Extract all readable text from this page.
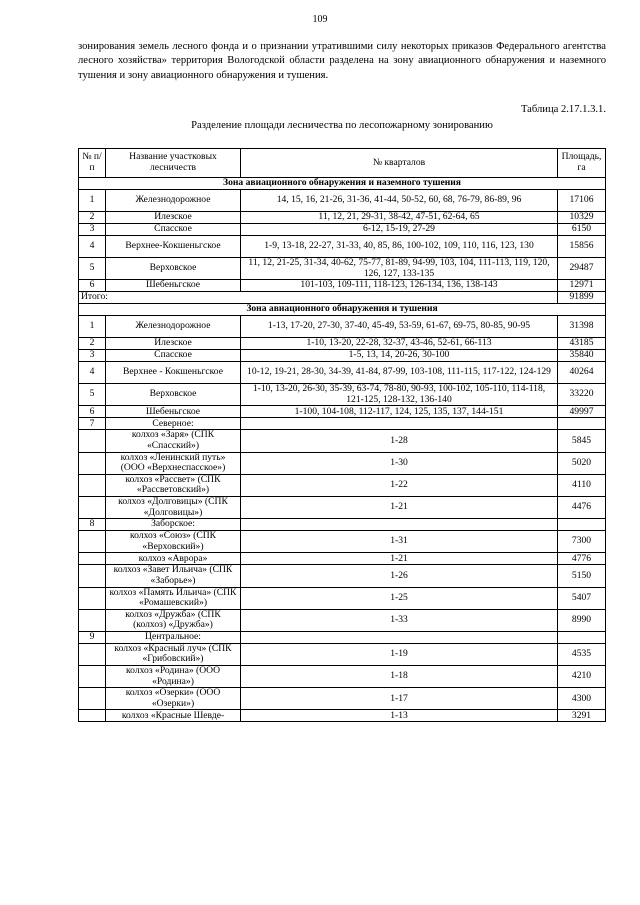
109

зонирования земель лесного фонда и о признании утратившими силу некоторых приказов Федерального агентства лесного хозяйства» территория Вологодской области разделена на зону авиационного обнаружения и наземного тушения и зону авиационного обнаружения и тушения.

Таблица 2.17.1.3.1.
Разделение площади лесничества по лесопожарному зонированию
№ п/п	Название участковых лесничеств	№ кварталов	Площадь, га
Зона авиационного обнаружения и наземного тушения			
1	Железнодорожное	14, 15, 16, 21-26, 31-36, 41-44, 50-52, 60, 68, 76-79, 86-89, 96	17106
2	Илезское	11, 12, 21, 29-31, 38-42, 47-51, 62-64, 65	10329
3	Спасское	6-12, 15-19, 27-29	6150
4	Верхнее-Кокшеньгское	1-9, 13-18, 22-27, 31-33, 40, 85, 86, 100-102, 109, 110, 116, 123, 130	15856
5	Верховское	11, 12, 21-25, 31-34, 40-62, 75-77, 81-89, 94-99, 103, 104, 111-113, 119, 120, 126, 127, 133-135	29487
6	Шебеньгское	101-103, 109-111, 118-123, 126-134, 136, 138-143	12971
Итого:			91899
Зона авиационного обнаружения и тушения			
1	Железнодорожное	1-13, 17-20, 27-30, 37-40, 45-49, 53-59, 61-67, 69-75, 80-85, 90-95	31398
2	Илезское	1-10, 13-20, 22-28, 32-37, 43-46, 52-61, 66-113	43185
3	Спасское	1-5, 13, 14, 20-26, 30-100	35840
4	Верхнее - Кокшеньгское	10-12, 19-21, 28-30, 34-39, 41-84, 87-99, 103-108, 111-115, 117-122, 124-129	40264
5	Верховское	1-10, 13-20, 26-30, 35-39, 63-74, 78-80, 90-93, 100-102, 105-110, 114-118, 121-125, 128-132, 136-140	33220
6	Шебеньгское	1-100, 104-108, 112-117, 124, 125, 135, 137, 144-151	49997
7	Северное:		
	колхоз «Заря» (СПК «Спасский»)	1-28	5845
	колхоз «Ленинский путь» (ООО «Верхнеспасское»)	1-30	5020
	колхоз «Рассвет» (СПК «Рассветовский»)	1-22	4110
	колхоз «Долговицы» (СПК «Долговицы»)	1-21	4476
8	Заборское:		
	колхоз «Союз» (СПК «Верховский»)	1-31	7300
	колхоз «Аврора»	1-21	4776
	колхоз «Завет Ильича» (СПК «Заборье»)	1-26	5150
	колхоз «Память Ильича» (СПК «Ромашевский»)	1-25	5407
	колхоз «Дружба» (СПК (колхоз) «Дружба»)	1-33	8990
9	Центральное:		
	колхоз «Красный луч» (СПК «Грибовский»)	1-19	4535
	колхоз «Родина» (ООО «Родина»)	1-18	4210
	колхоз «Озерки» (ООО «Озерки»)	1-17	4300
	колхоз «Красные Шевде-	1-13	3291
